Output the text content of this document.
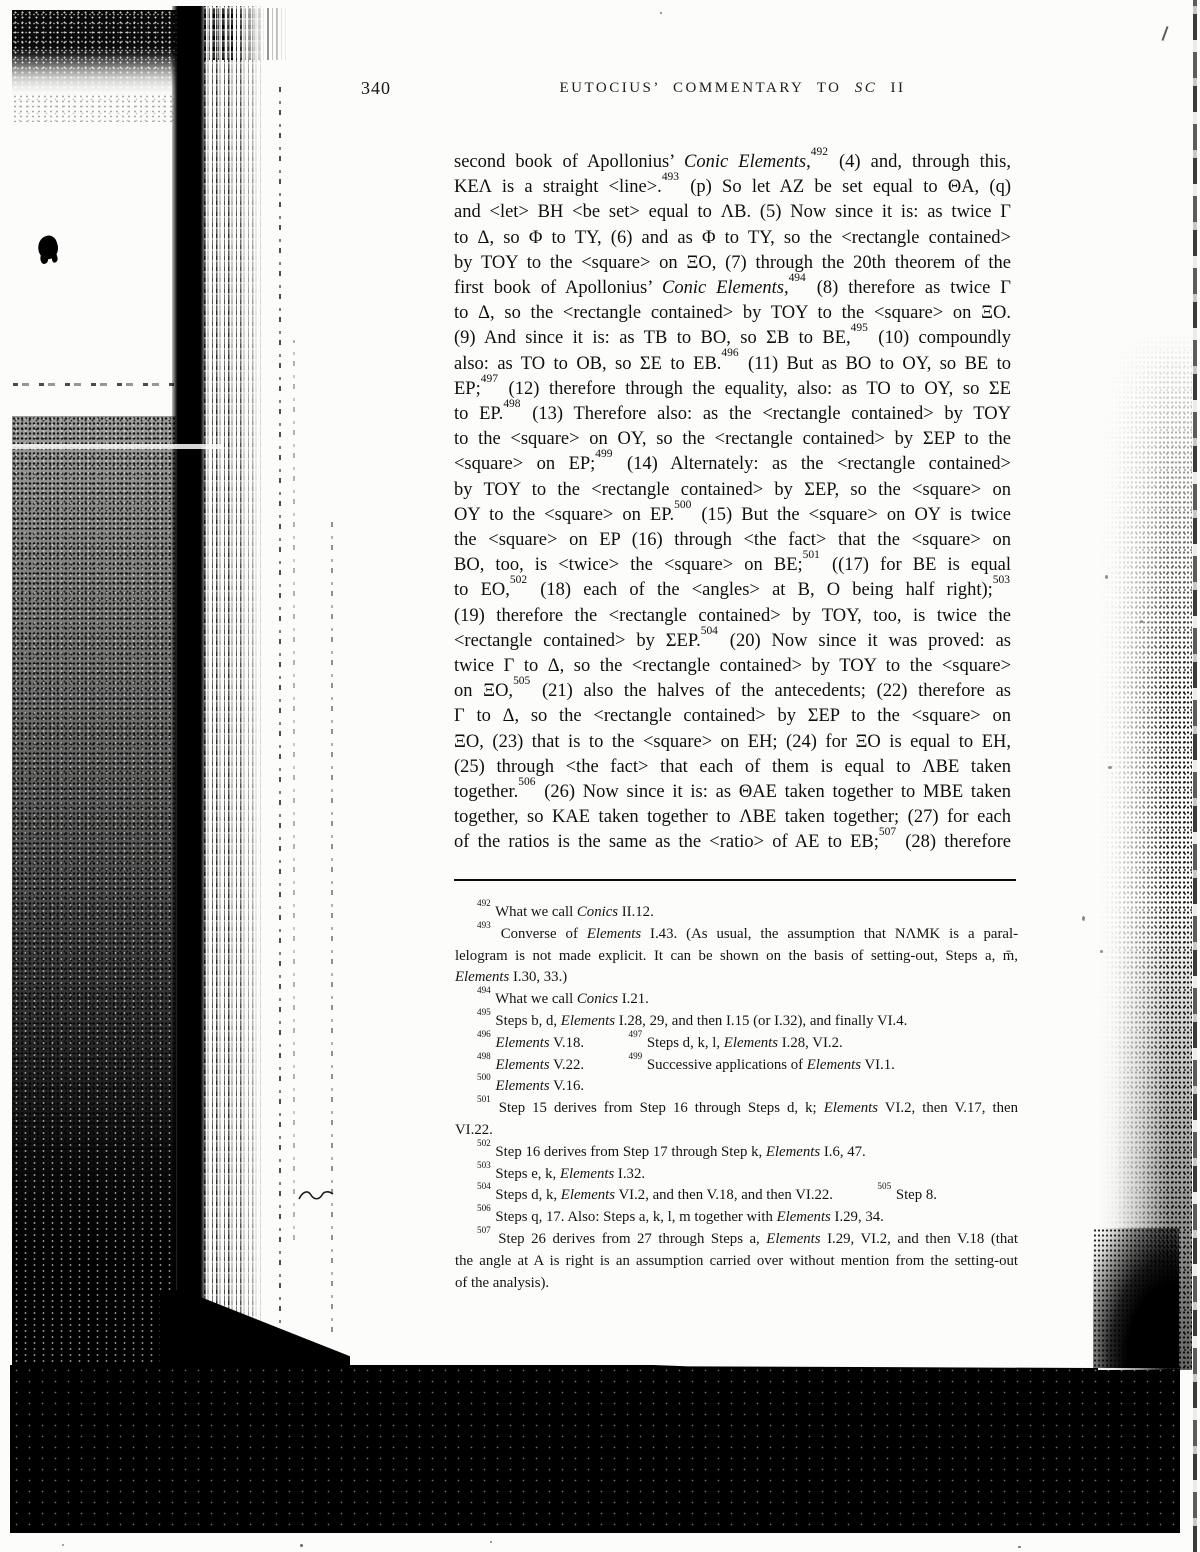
340	EUTOCIUS’ COMMENTARY TO SC II
second book of Apollonius’ Conic Elements,$^{492}$ (4) and, through this,
KEΛ is a straight <line>.$^{493}$ (p) So let AZ be set equal to ΘA, (q)
and <let> BH <be set> equal to ΛB. (5) Now since it is: as twice Γ
to Δ, so Φ to TY, (6) and as Φ to TY, so the <rectangle contained>
by TOY to the <square> on ΞO, (7) through the 20th theorem of the
first book of Apollonius’ Conic Elements,$^{494}$ (8) therefore as twice Γ
to Δ, so the <rectangle contained> by TOY to the <square> on ΞO.
(9) And since it is: as TB to BO, so ΣB to BE,$^{495}$ (10) compoundly
also: as TO to OB, so ΣE to EB.$^{496}$ (11) But as BO to OY, so BE to
EP;$^{497}$ (12) therefore through the equality, also: as TO to OY, so ΣE
to EP.$^{498}$ (13) Therefore also: as the <rectangle contained> by TOY
to the <square> on OY, so the <rectangle contained> by ΣEP to the
<square> on EP;$^{499}$ (14) Alternately: as the <rectangle contained>
by TOY to the <rectangle contained> by ΣEP, so the <square> on
OY to the <square> on EP.$^{500}$ (15) But the <square> on OY is twice
the <square> on EP (16) through <the fact> that the <square> on
BO, too, is <twice> the <square> on BE;$^{501}$ ((17) for BE is equal
to EO,$^{502}$ (18) each of the <angles> at B, O being half right);$^{503}$
(19) therefore the <rectangle contained> by TOY, too, is twice the
<rectangle contained> by ΣEP.$^{504}$ (20) Now since it was proved: as
twice Γ to Δ, so the <rectangle contained> by TOY to the <square>
on ΞO,$^{505}$ (21) also the halves of the antecedents; (22) therefore as
Γ to Δ, so the <rectangle contained> by ΣEP to the <square> on
ΞO, (23) that is to the <square> on EH; (24) for ΞO is equal to EH,
(25) through <the fact> that each of them is equal to ΛBE taken
together.$^{506}$ (26) Now since it is: as ΘAE taken together to MBE taken
together, so KAE taken together to ΛBE taken together; (27) for each
of the ratios is the same as the <ratio> of AE to EB;$^{507}$ (28) therefore
$^{492}$ What we call Conics II.12.
$^{493}$ Converse of Elements I.43. (As usual, the assumption that NΛMK is a paral-
lelogram is not made explicit. It can be shown on the basis of setting-out, Steps a, m̄,
Elements I.30, 33.)
$^{494}$ What we call Conics I.21.
$^{495}$ Steps b, d, Elements I.28, 29, and then I.15 (or I.32), and finally VI.4.
$^{496}$ Elements V.18.   $^{497}$ Steps d, k, l, Elements I.28, VI.2.
$^{498}$ Elements V.22.   $^{499}$ Successive applications of Elements VI.1.
$^{500}$ Elements V.16.
$^{501}$ Step 15 derives from Step 16 through Steps d, k; Elements VI.2, then V.17, then
VI.22.
$^{502}$ Step 16 derives from Step 17 through Step k, Elements I.6, 47.
$^{503}$ Steps e, k, Elements I.32.
$^{504}$ Steps d, k, Elements VI.2, and then V.18, and then VI.22.   $^{505}$ Step 8.
$^{506}$ Steps q, 17. Also: Steps a, k, l, m together with Elements I.29, 34.
$^{507}$ Step 26 derives from 27 through Steps a, Elements I.29, VI.2, and then V.18 (that
the angle at A is right is an assumption carried over without mention from the setting-out
of the analysis).
